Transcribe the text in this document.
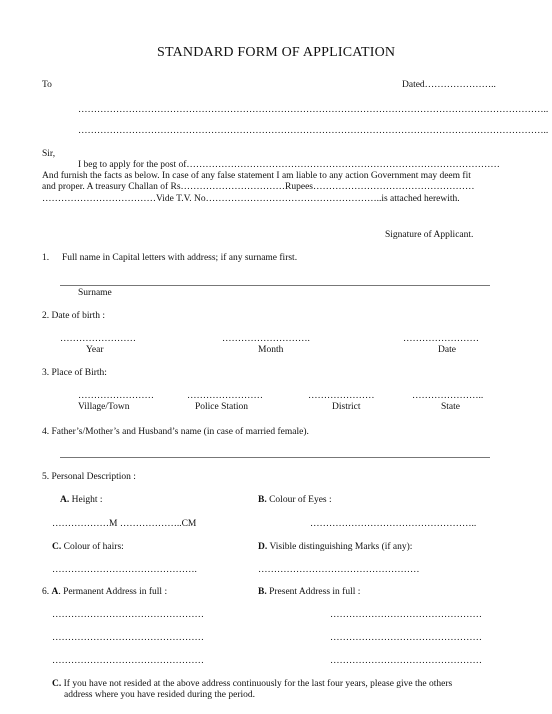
STANDARD FORM OF APPLICATION
To	Dated…………………..
…………………………………………………………………………………………………………………………………..
…………………………………………………………………………………………………………………………………..
Sir,
I beg to apply for the post of………………………………………………………………………………………
And furnish the facts as below. In case of any false statement I am liable to any action Government may deem fit
and proper. A treasury Challan of Rs……………………………Rupees……………………………………………
………………………………Vide T.V. No………………………………………………..is attached herewith.
Signature of Applicant.
1. Full name in Capital letters with address; if any surname first.
Surname
2. Date of birth :
……………………	……………………….	……………………
Year	Month	Date
3. Place of Birth:
……………………	……………………	…………………	…………………..
Village/Town	Police Station	District	State
4. Father’s/Mother’s and Husband’s name (in case of married female).
5. Personal Description :
A. Height :	B. Colour of Eyes :
………………M ………………..CM	……………………………………………..
C. Colour of hairs:	D. Visible distinguishing Marks (if any):
……………………………………….	……………………………………………
6. A. Permanent Address in full :	B. Present Address in full :
…………………………………………	…………………………………………
…………………………………………	…………………………………………
…………………………………………	…………………………………………
C. If you have not resided at the above address continuously for the last four years, please give the others
address where you have resided during the period.
